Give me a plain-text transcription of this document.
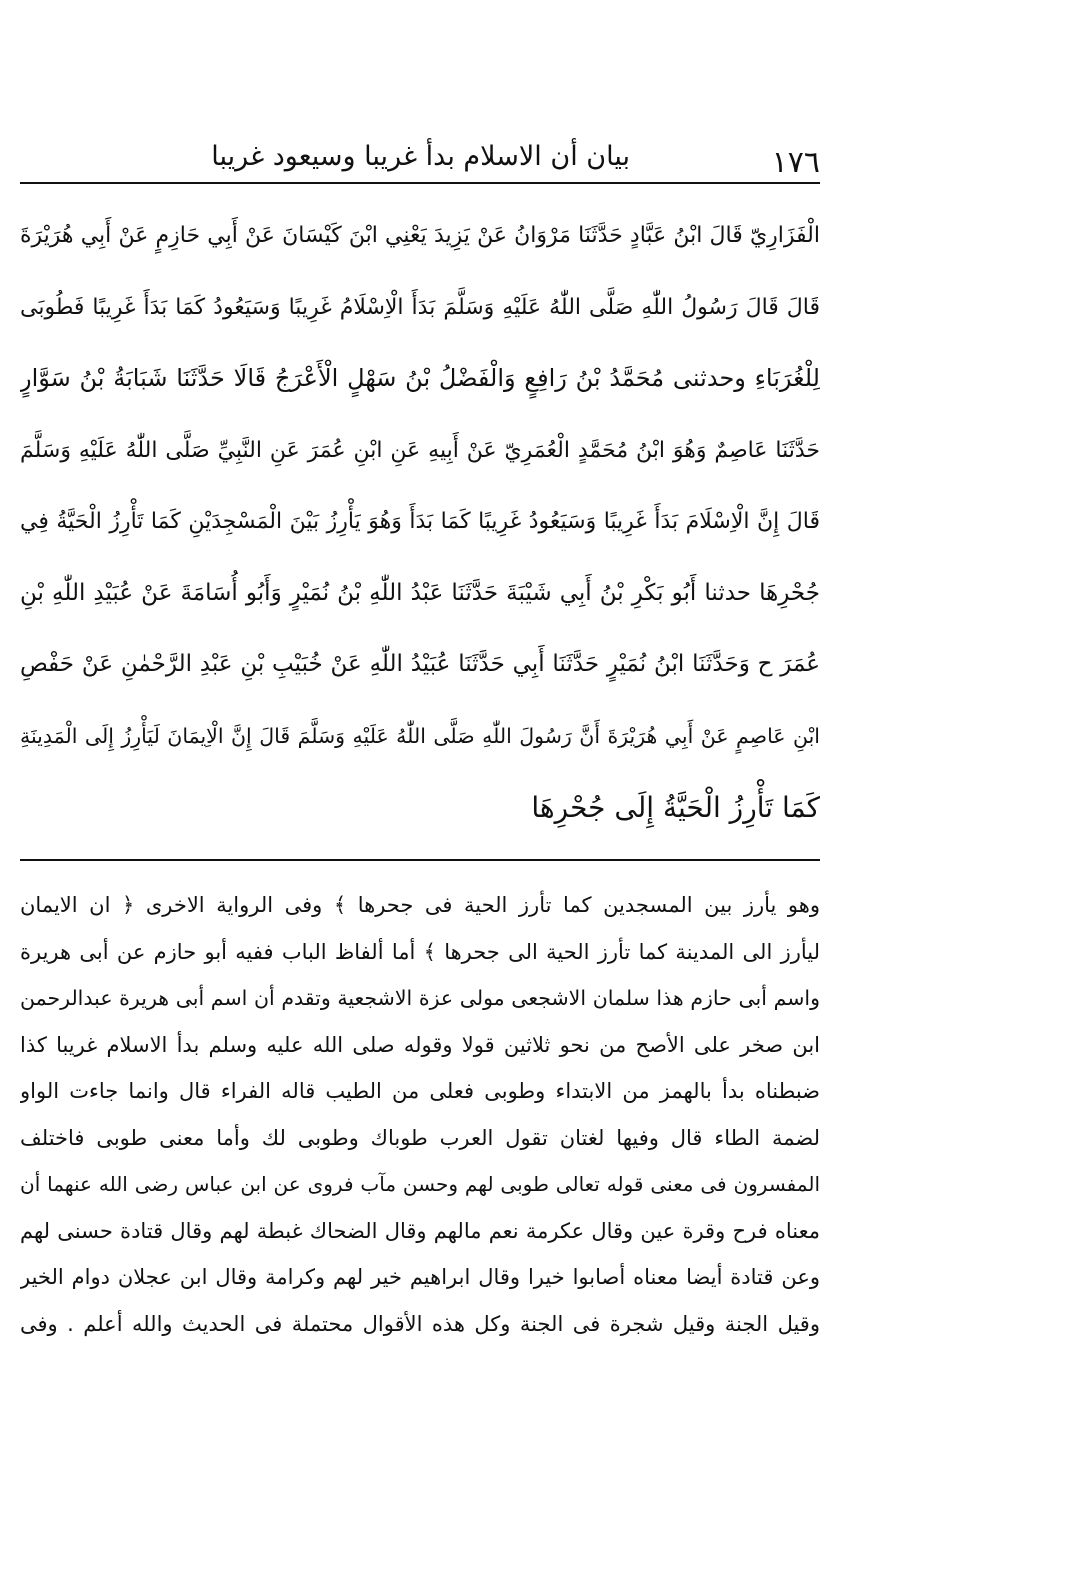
١٧٦
بيان أن الاسلام بدأ غريبا وسيعود غريبا
الْفَزَارِيّ قَالَ ابْنُ عَبَّادٍ حَدَّثَنَا مَرْوَانُ عَنْ يَزِيدَ يَعْنِي ابْنَ كَيْسَانَ عَنْ أَبِي حَازِمٍ عَنْ أَبِي هُرَيْرَةَ
قَالَ قَالَ رَسُولُ اللّٰهِ صَلَّى اللّٰهُ عَلَيْهِ وَسَلَّمَ بَدَأَ الْاِسْلَامُ غَرِيبًا وَسَيَعُودُ كَمَا بَدَأَ غَرِيبًا فَطُوبَى
لِلْغُرَبَاءِ وحدثنى مُحَمَّدُ بْنُ رَافِعٍ وَالْفَضْلُ بْنُ سَهْلٍ الْأَعْرَجُ قَالَا حَدَّثَنَا شَبَابَةُ بْنُ سَوَّارٍ
حَدَّثَنَا عَاصِمٌ وَهُوَ ابْنُ مُحَمَّدٍ الْعُمَرِيّ عَنْ أَبِيهِ عَنِ ابْنِ عُمَرَ عَنِ النَّبِيِّ صَلَّى اللّٰهُ عَلَيْهِ وَسَلَّمَ
قَالَ إِنَّ الْاِسْلَامَ بَدَأَ غَرِيبًا وَسَيَعُودُ غَرِيبًا كَمَا بَدَأَ وَهُوَ يَأْرِزُ بَيْنَ الْمَسْجِدَيْنِ كَمَا تَأْرِزُ الْحَيَّةُ فِي
جُحْرِهَا حدثنا أَبُو بَكْرِ بْنُ أَبِي شَيْبَةَ حَدَّثَنَا عَبْدُ اللّٰهِ بْنُ نُمَيْرٍ وَأَبُو أُسَامَةَ عَنْ عُبَيْدِ اللّٰهِ بْنِ
عُمَرَ ح وَحَدَّثَنَا ابْنُ نُمَيْرٍ حَدَّثَنَا أَبِي حَدَّثَنَا عُبَيْدُ اللّٰهِ عَنْ خُبَيْبِ بْنِ عَبْدِ الرَّحْمٰنِ عَنْ حَفْصِ
ابْنِ عَاصِمٍ عَنْ أَبِي هُرَيْرَةَ أَنَّ رَسُولَ اللّٰهِ صَلَّى اللّٰهُ عَلَيْهِ وَسَلَّمَ قَالَ إِنَّ الْاِيمَانَ لَيَأْرِزُ إِلَى الْمَدِينَةِ
كَمَا تَأْرِزُ الْحَيَّةُ إِلَى جُحْرِهَا
وهو يأرز بين المسجدين كما تأرز الحية فى جحرها ﴾ وفى الرواية الاخرى ﴿ ان الايمان
ليأرز الى المدينة كما تأرز الحية الى جحرها ﴾ أما ألفاظ الباب ففيه أبو حازم عن أبى هريرة
واسم أبى حازم هذا سلمان الاشجعى مولى عزة الاشجعية وتقدم أن اسم أبى هريرة عبدالرحمن
ابن صخر على الأصح من نحو ثلاثين قولا وقوله صلى الله عليه وسلم بدأ الاسلام غريبا كذا
ضبطناه بدأ بالهمز من الابتداء وطوبى فعلى من الطيب قاله الفراء قال وانما جاءت الواو
لضمة الطاء قال وفيها لغتان تقول العرب طوباك وطوبى لك وأما معنى طوبى فاختلف
المفسرون فى معنى قوله تعالى طوبى لهم وحسن مآب فروى عن ابن عباس رضى الله عنهما أن
معناه فرح وقرة عين وقال عكرمة نعم مالهم وقال الضحاك غبطة لهم وقال قتادة حسنى لهم
وعن قتادة أيضا معناه أصابوا خيرا وقال ابراهيم خير لهم وكرامة وقال ابن عجلان دوام الخير
وقيل الجنة وقيل شجرة فى الجنة وكل هذه الأقوال محتملة فى الحديث والله أعلم . وفى
